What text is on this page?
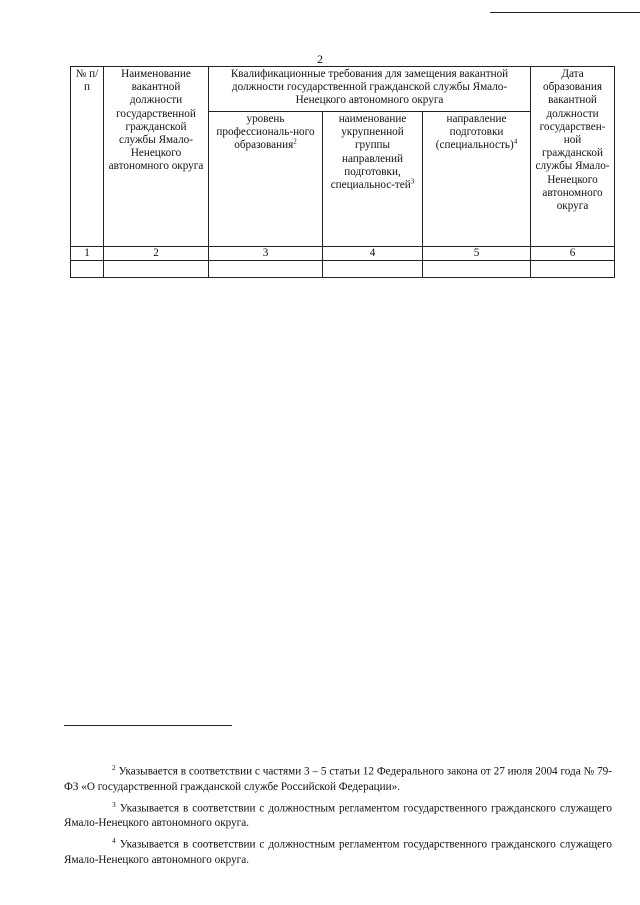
2
№ п/п	Наименование вакантной должности государственной гражданской службы Ямало-Ненецкого автономного округа	Квалификационные требования для замещения вакантной должности государственной гражданской службы Ямало-Ненецкого автономного округа			Дата образования вакантной должности государствен-ной гражданской службы Ямало-Ненецкого автономного округа
		уровень профессиональ-ного образования$^2$	наименование укрупненной группы направлений подготовки, специальнос-тей$^3$	направление подготовки (специальность)$^4$
1	2	3	4	5	6

$^2$ Указывается в соответствии с частями 3 – 5 статьи 12 Федерального закона от 27 июля 2004 года № 79-ФЗ «О государственной гражданской службе Российской Федерации».

$^3$ Указывается в соответствии с должностным регламентом государственного гражданского служащего Ямало-Ненецкого автономного округа.

$^4$ Указывается в соответствии с должностным регламентом государственного гражданского служащего Ямало-Ненецкого автономного округа.
